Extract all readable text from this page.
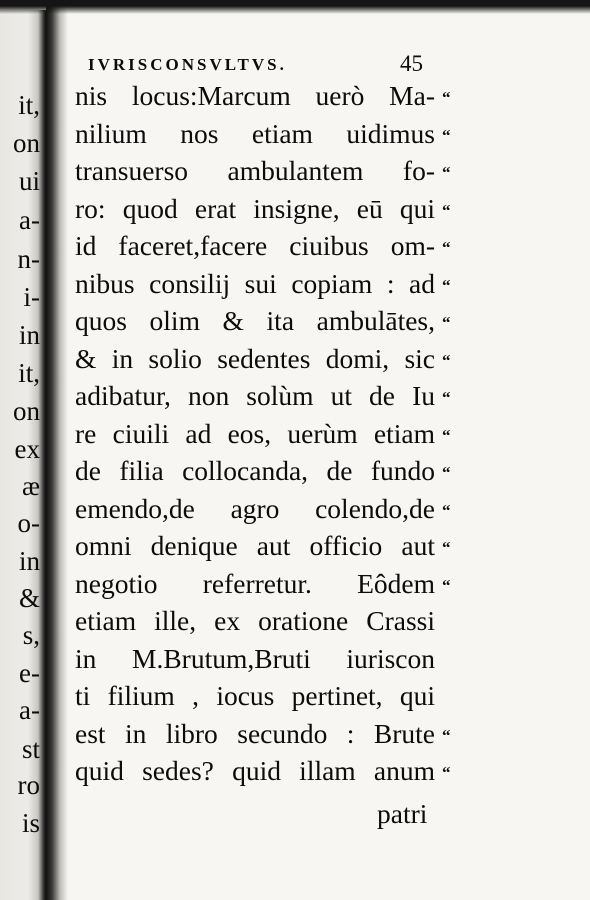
it,
on
ui
a-
n-
i-
in
it,
on
ex
æ
o-
in
&
s,
e-
a-
st
ro
is
IVRISCONSVLTVS.	45
nis locus:Marcum uerò Ma-
nilium nos etiam uidimus
transuerso ambulantem fo-
ro: quod erat insigne, eū qui
id faceret,facere ciuibus om-
nibus consilij sui copiam : ad
quos olim & ita ambulātes,
& in solio sedentes domi, sic
adibatur, non solùm ut de Iu
re ciuili ad eos, uerùm etiam
de filia collocanda, de fundo
emendo,de agro colendo,de
omni denique aut officio aut
negotio referretur. Eôdem
etiam ille, ex oratione Crassi
in M.Brutum,Bruti iuriscon
ti filium , iocus pertinet, qui
est in libro secundo : Brute
quid sedes? quid illam anum
“
“
“
“
“
“
“
“
“
“
“
“
“
“
“
“
patri
